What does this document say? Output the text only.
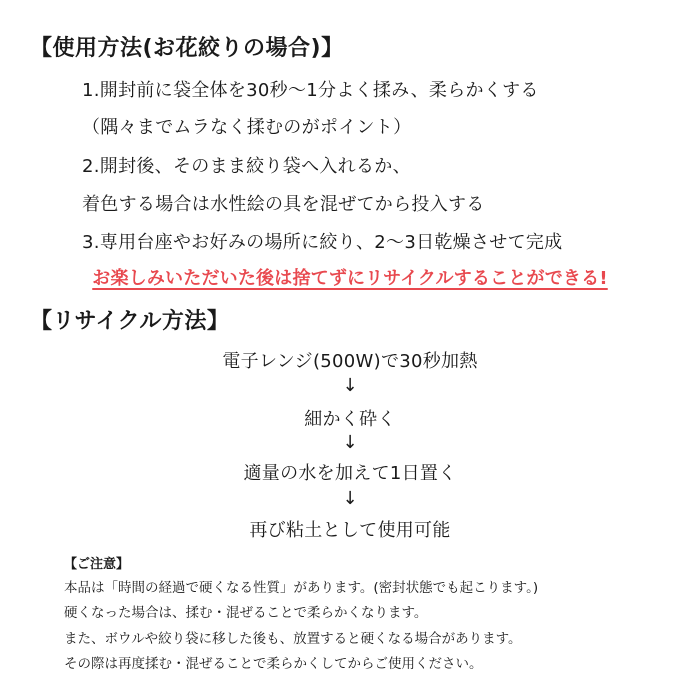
【使用方法(お花絞りの場合)】
1.開封前に袋全体を30秒～1分よく揉み、柔らかくする
（隅々までムラなく揉むのがポイント）
2.開封後、そのまま絞り袋へ入れるか、
着色する場合は水性絵の具を混ぜてから投入する
3.専用台座やお好みの場所に絞り、2～3日乾燥させて完成
お楽しみいただいた後は捨てずにリサイクルすることができる!
【リサイクル方法】
電子レンジ(500W)で30秒加熱
↓
細かく砕く
↓
適量の水を加えて1日置く
↓
再び粘土として使用可能
【ご注意】
本品は「時間の経過で硬くなる性質」があります。(密封状態でも起こります。)
硬くなった場合は、揉む・混ぜることで柔らかくなります。
また、ボウルや絞り袋に移した後も、放置すると硬くなる場合があります。
その際は再度揉む・混ぜることで柔らかくしてからご使用ください。
